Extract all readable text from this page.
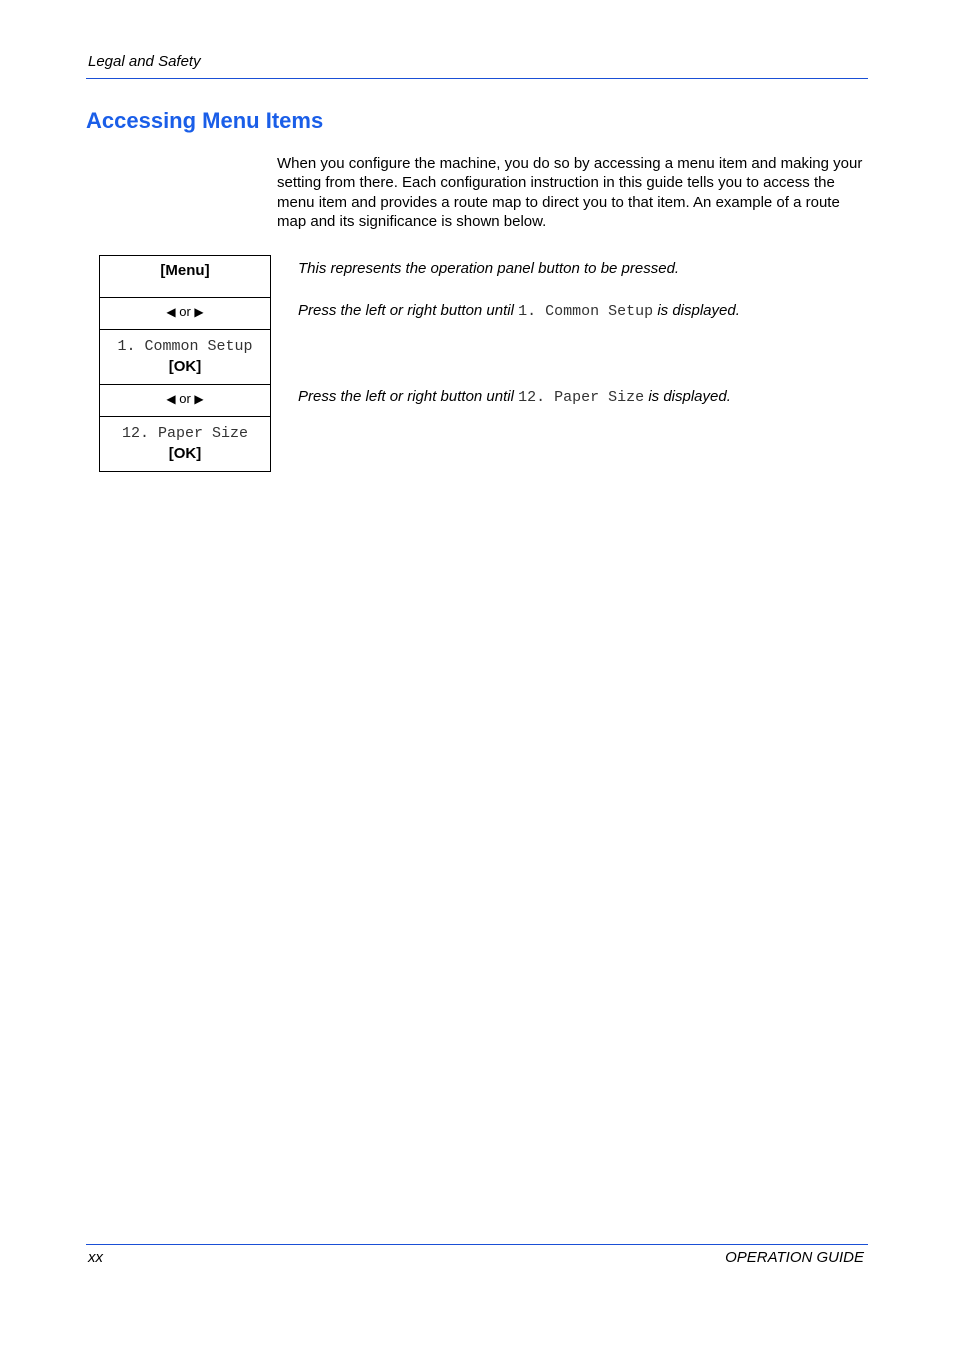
Legal and Safety
Accessing Menu Items

When you configure the machine, you do so by accessing a menu item and making your setting from there. Each configuration instruction in this guide tells you to access the menu item and provides a route map to direct you to that item. An example of a route map and its significance is shown below.

[Menu]
◀ or ▶
1. Common Setup
[OK]
◀ or ▶
12. Paper Size
[OK]

This represents the operation panel button to be pressed.

Press the left or right button until 1. Common Setup is displayed.

Press the left or right button until 12. Paper Size is displayed.

xx	OPERATION GUIDE
